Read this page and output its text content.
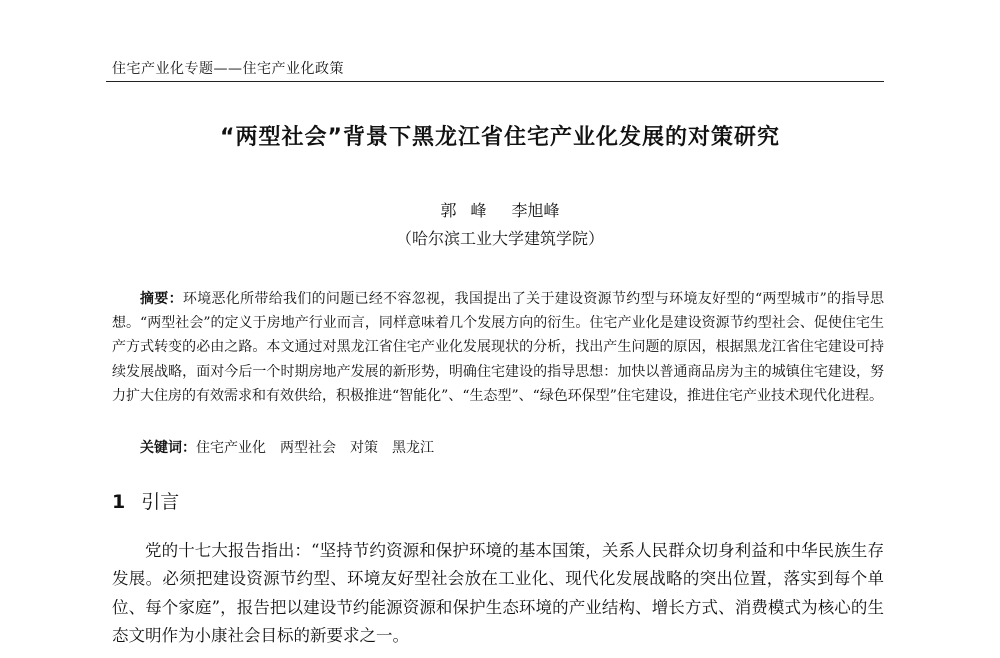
住宅产业化专题——住宅产业化政策
“两型社会”背景下黑龙江省住宅产业化发展的对策研究
郭峰 李旭峰
（哈尔滨工业大学建筑学院）

摘要：环境恶化所带给我们的问题已经不容忽视，我国提出了关于建设资源节约型与环境友好型的“两型城市”的指导思想。“两型社会”的定义于房地产行业而言，同样意味着几个发展方向的衍生。住宅产业化是建设资源节约型社会、促使住宅生产方式转变的必由之路。本文通过对黑龙江省住宅产业化发展现状的分析，找出产生问题的原因，根据黑龙江省住宅建设可持续发展战略，面对今后一个时期房地产发展的新形势，明确住宅建设的指导思想：加快以普通商品房为主的城镇住宅建设，努力扩大住房的有效需求和有效供给，积极推进“智能化”、“生态型”、“绿色环保型”住宅建设，推进住宅产业技术现代化进程。

关键词：住宅产业化 两型社会 对策 黑龙江
1 引言

党的十七大报告指出：“坚持节约资源和保护环境的基本国策，关系人民群众切身利益和中华民族生存发展。必须把建设资源节约型、环境友好型社会放在工业化、现代化发展战略的突出位置，落实到每个单位、每个家庭”，报告把以建设节约能源资源和保护生态环境的产业结构、增长方式、消费模式为核心的生态文明作为小康社会目标的新要求之一。
